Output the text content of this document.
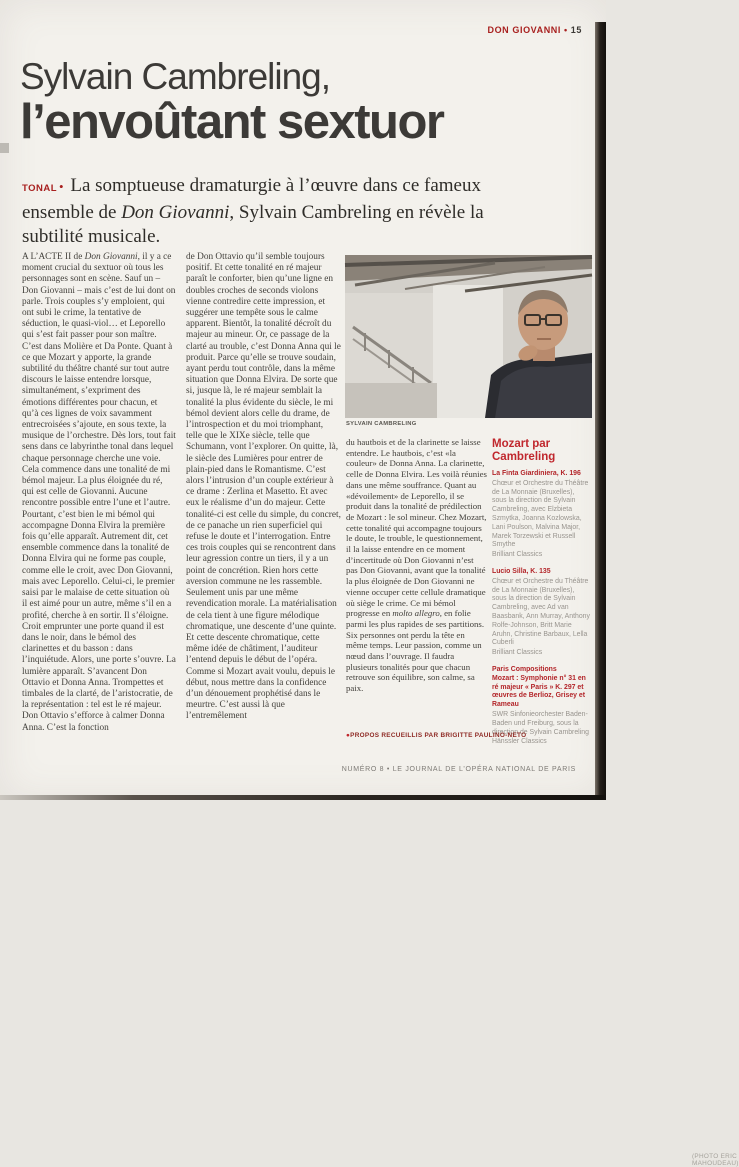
DON GIOVANNI • 15
Sylvain Cambreling,
l’envoûtant sextuor
TONAL • La somptueuse dramaturgie à l’œuvre dans ce fameux ensemble de Don Giovanni, Sylvain Cambreling en révèle la subtilité musicale.
A L’ACTE II de Don Giovanni, il y a ce moment crucial du sextuor où tous les personnages sont en scène. Sauf un – Don Giovanni – mais c’est de lui dont on parle. Trois couples s’y emploient, qui ont subi le crime, la tentative de séduction, le quasi-viol… et Leporello qui s’est fait passer pour son maître. C’est dans Molière et Da Ponte. Quant à ce que Mozart y apporte, la grande subtilité du théâtre chanté sur tout autre discours le laisse entendre lorsque, simultanément, s’expriment des émotions différentes pour chacun, et qu’à ces lignes de voix savamment entrecroisées s’ajoute, en sous texte, la musique de l’orchestre. Dès lors, tout fait sens dans ce labyrinthe tonal dans lequel chaque personnage cherche une voie. Cela commence dans une tonalité de mi bémol majeur. La plus éloignée du ré, qui est celle de Giovanni. Aucune rencontre possible entre l’une et l’autre. Pourtant, c’est bien le mi bémol qui accompagne Donna Elvira la première fois qu’elle apparaît. Autrement dit, cet ensemble commence dans la tonalité de Donna Elvira qui ne forme pas couple, comme elle le croit, avec Don Giovanni, mais avec Leporello. Celui-ci, le premier saisi par le malaise de cette situation où il est aimé pour un autre, même s’il en a profité, cherche à en sortir. Il s’éloigne. Croit emprunter une porte quand il est dans le noir, dans le bémol des clarinettes et du basson : dans l’inquiétude. Alors, une porte s’ouvre. La lumière apparaît. S’avancent Don Ottavio et Donna Anna. Trompettes et timbales de la clarté, de l’aristocratie, de la représentation : tel est le ré majeur. Don Ottavio s’efforce à calmer Donna Anna. C’est la fonction
de Don Ottavio qu’il semble toujours positif. Et cette tonalité en ré majeur paraît le conforter, bien qu’une ligne en doubles croches de seconds violons vienne contredire cette impression, et suggérer une tempête sous le calme apparent. Bientôt, la tonalité décroît du majeur au mineur. Or, ce passage de la clarté au trouble, c’est Donna Anna qui le produit. Parce qu’elle se trouve soudain, ayant perdu tout contrôle, dans la même situation que Donna Elvira. De sorte que si, jusque là, le ré majeur semblait la tonalité la plus évidente du siècle, le mi bémol devient alors celle du drame, de l’introspection et du moi triomphant, telle que le XIXe siècle, telle que Schumann, vont l’explorer. On quitte, là, le siècle des Lumières pour entrer de plain-pied dans le Romantisme. C’est alors l’intrusion d’un couple extérieur à ce drame : Zerlina et Masetto. Et avec eux le réalisme d’un do majeur. Cette tonalité-ci est celle du simple, du concret, de ce panache un rien superficiel qui refuse le doute et l’interrogation. Entre ces trois couples qui se rencontrent dans leur agression contre un tiers, il y a un point de concrétion. Rien hors cette aversion commune ne les rassemble. Seulement unis par une même revendication morale. La matérialisation de cela tient à une figure mélodique chromatique, une descente d’une quinte. Et cette descente chromatique, cette même idée de châtiment, l’auditeur l’entend depuis le début de l’opéra. Comme si Mozart avait voulu, depuis le début, nous mettre dans la confidence d’un dénouement prophétisé dans le meurtre. C’est aussi là que l’entremêlement
du hautbois et de la clarinette se laisse entendre. Le hautbois, c’est «la couleur» de Donna Anna. La clarinette, celle de Donna Elvira. Les voilà réunies dans une même souffrance. Quant au «dévoilement» de Leporello, il se produit dans la tonalité de prédilection de Mozart : le sol mineur. Chez Mozart, cette tonalité qui accompagne toujours le doute, le trouble, le questionnement, il la laisse entendre en ce moment d’incertitude où Don Giovanni n’est pas Don Giovanni, avant que la tonalité la plus éloignée de Don Giovanni ne vienne occuper cette cellule dramatique où siège le crime. Ce mi bémol progresse en molto allegro, en folie parmi les plus rapides de ses partitions. Six personnes ont perdu la tête en même temps. Leur passion, comme un nœud dans l’ouvrage. Il faudra plusieurs tonalités pour que chacun retrouve son équilibre, son calme, sa paix.
SYLVAIN CAMBRELING
(PHOTO ERIC MAHOUDEAU)
Mozart par Cambreling
La Finta Giardiniera, K. 196
Chœur et Orchestre du Théâtre de La Monnaie (Bruxelles), sous la direction de Sylvain Cambreling, avec Elzbieta Szmytka, Joanna Kozlowska, Lani Poulson, Malvina Major, Marek Torzewski et Russell Smythe
Brilliant Classics
Lucio Silla, K. 135
Chœur et Orchestre du Théâtre de La Monnaie (Bruxelles), sous la direction de Sylvain Cambreling, avec Ad van Baasbank, Ann Murray, Anthony Rolfe-Johnson, Britt Marie Aruhn, Christine Barbaux, Lella Cuberli
Brilliant Classics
Paris Compositions
Mozart : Symphonie n° 31 en ré majeur « Paris » K. 297 et œuvres de Berlioz, Grisey et Rameau
SWR Sinfonieorchester Baden-Baden und Freiburg, sous la direction de Sylvain Cambreling
Hänssler Classics
●PROPOS RECUEILLIS PAR BRIGITTE PAULINO-NETO
NUMÉRO 8 • LE JOURNAL DE L’OPÉRA NATIONAL DE PARIS
